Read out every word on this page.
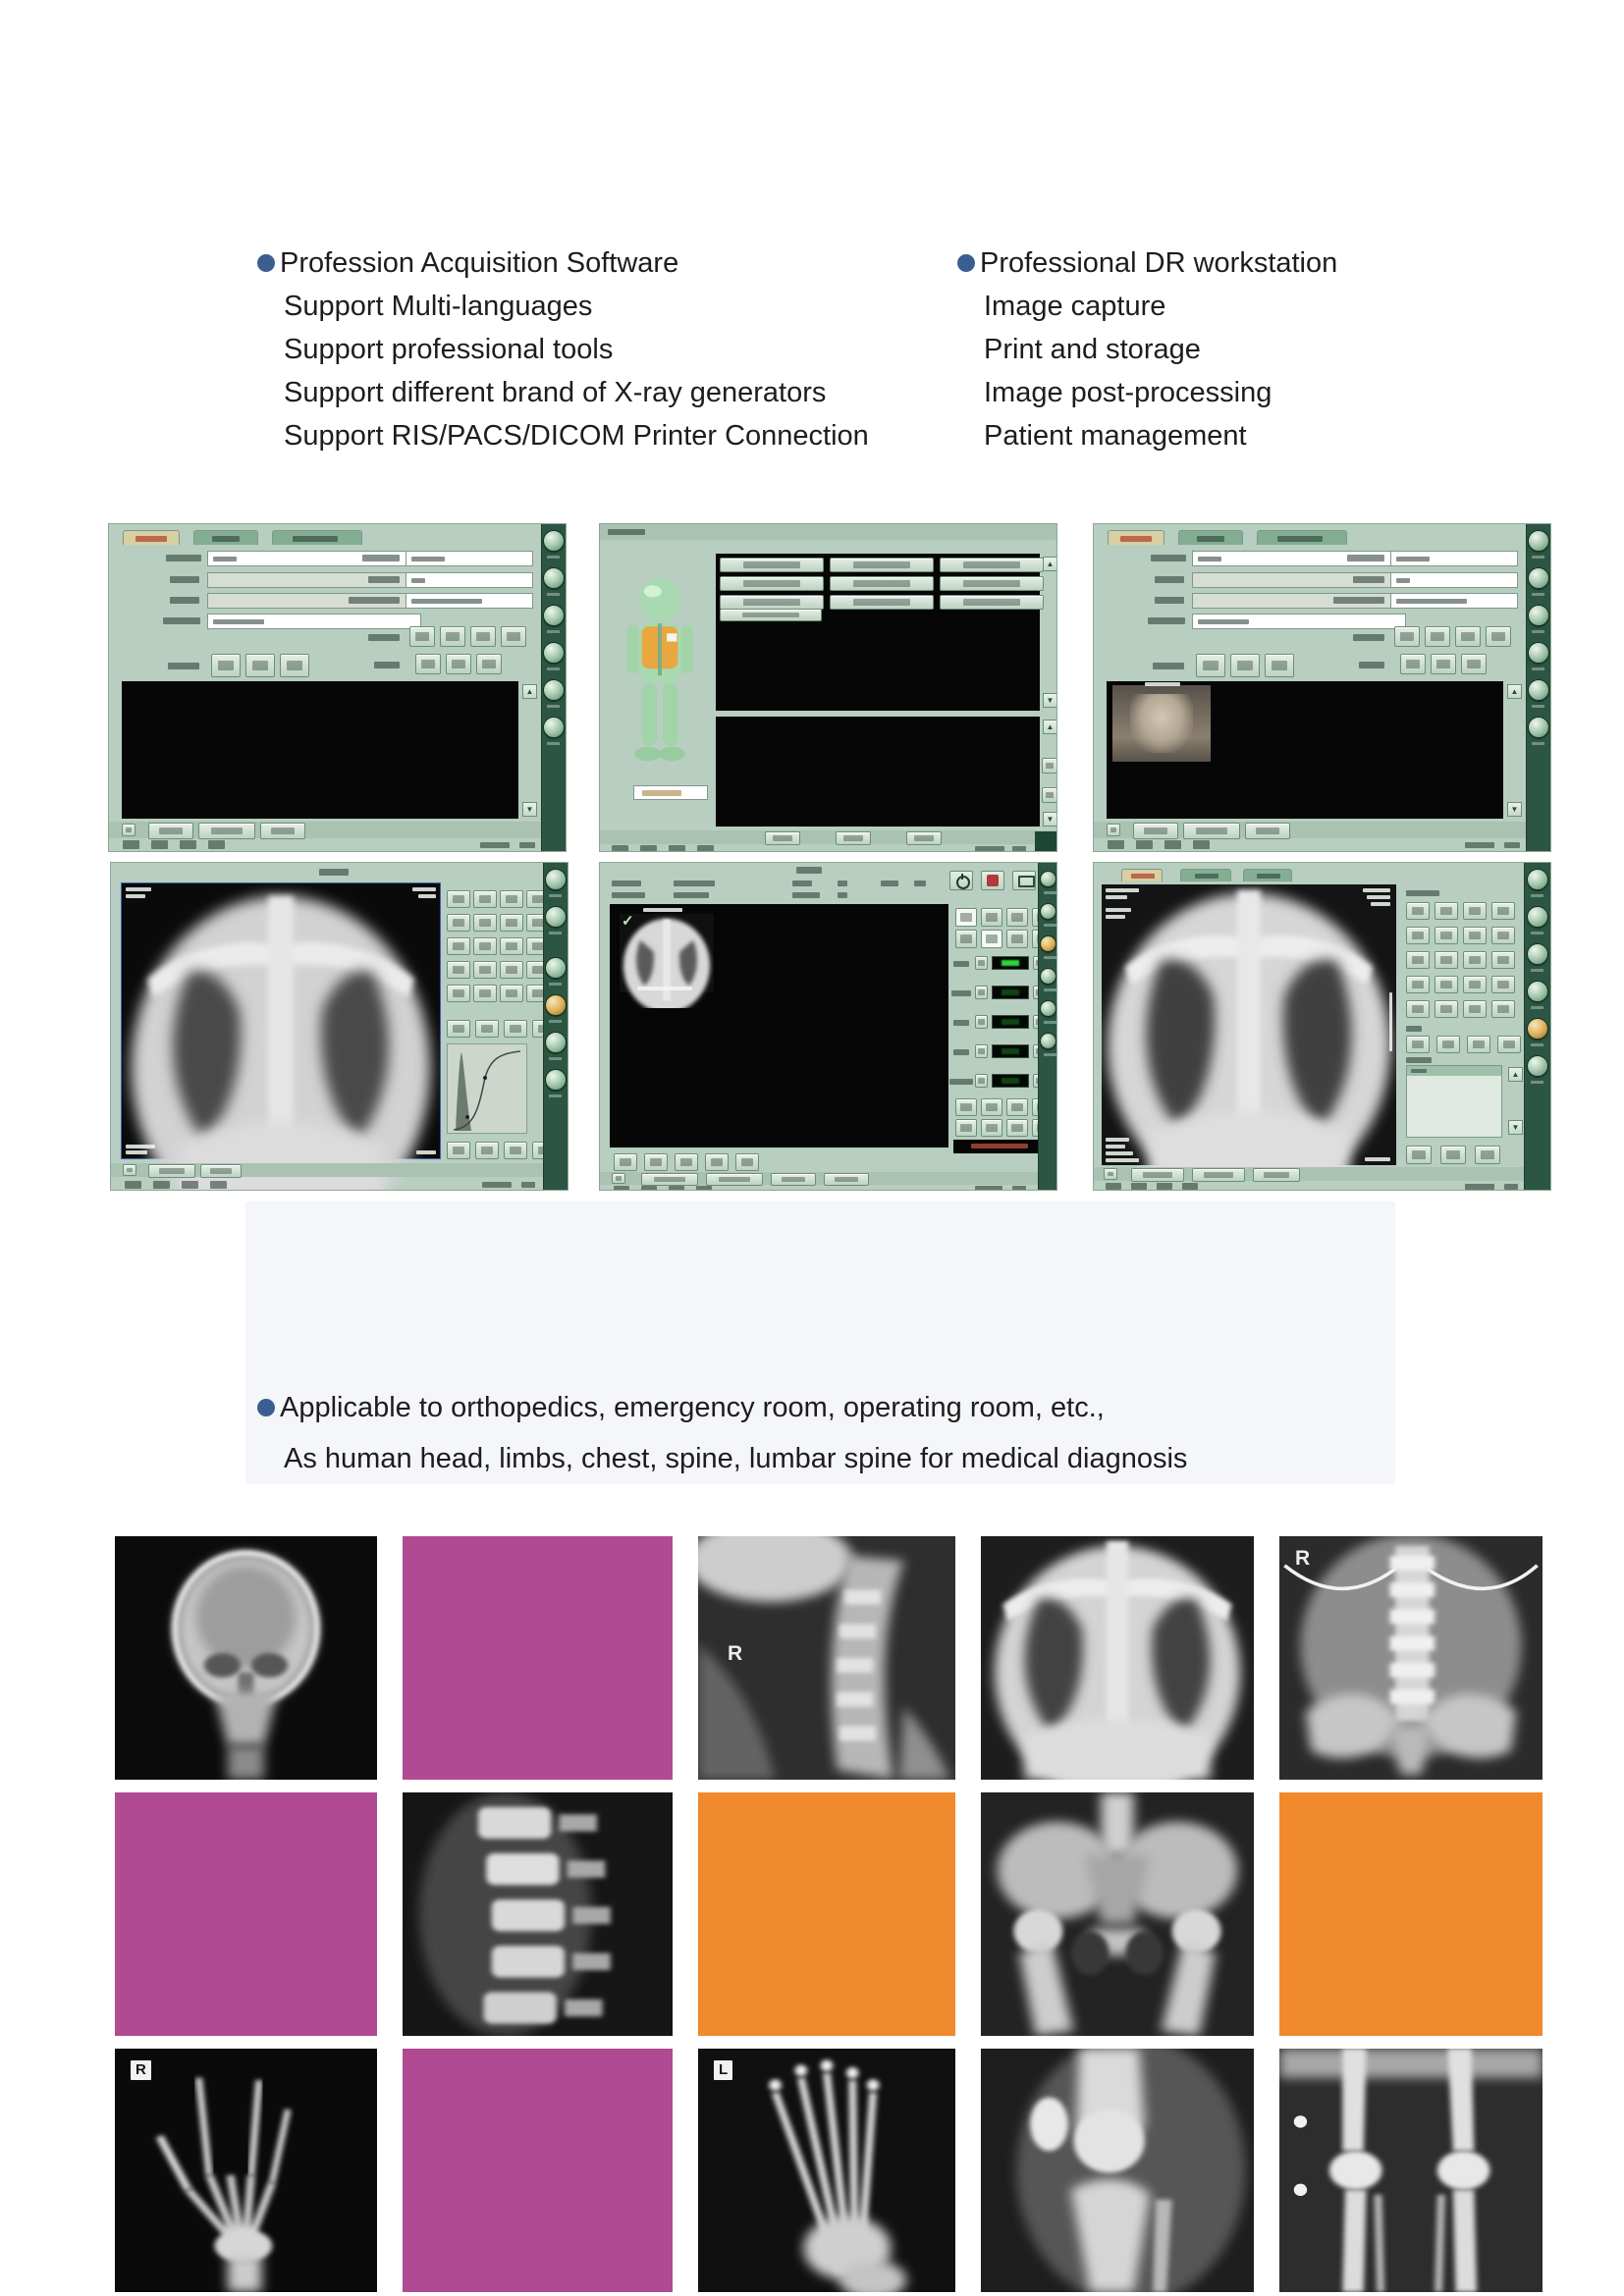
Profession Acquisition Software
Support Multi-languages
Support professional tools
Support different brand of X-ray generators
Support RIS/PACS/DICOM Printer Connection
Professional DR workstation
Image capture
Print and storage
Image post-processing
Patient management
▲
▼
▲
▼
▲
▼
▲
▼
✓
▲
▼
Applicable to orthopedics, emergency room, operating room, etc.,
As human head, limbs, chest, spine, lumbar spine for medical diagnosis
R
R
R	L
